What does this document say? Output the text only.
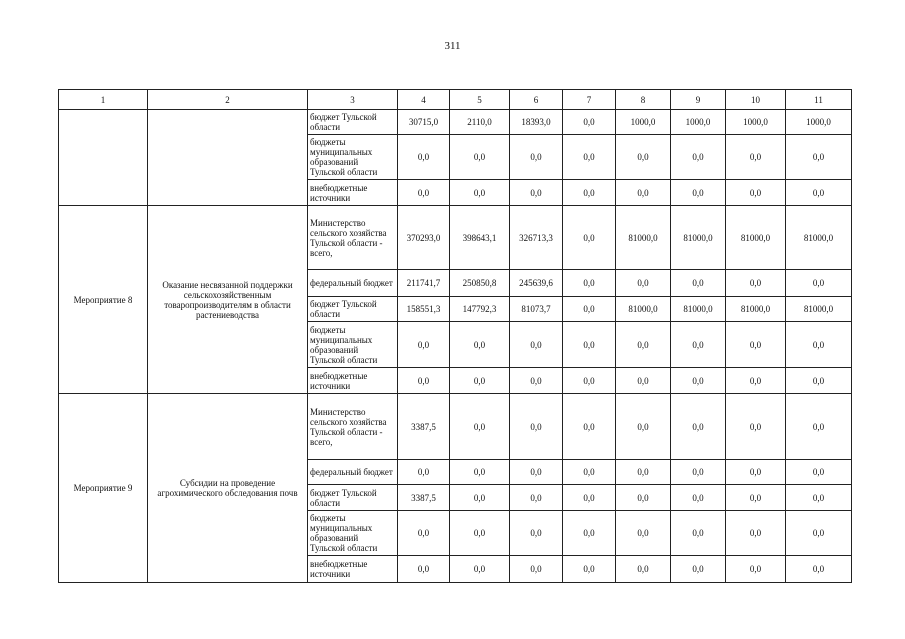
311
1	2	3	4	5	6	7	8	9	10	11
		бюджет Тульской области	30715,0	2110,0	18393,0	0,0	1000,0	1000,0	1000,0	1000,0
		бюджеты муниципальных образований Тульской области	0,0	0,0	0,0	0,0	0,0	0,0	0,0	0,0
		внебюджетные источники	0,0	0,0	0,0	0,0	0,0	0,0	0,0	0,0
Мероприятие 8	Оказание несвязанной поддержки сельскохозяйственным товаропроизводителям в области растениеводства	Министерство сельского хозяйства Тульской области - всего,	370293,0	398643,1	326713,3	0,0	81000,0	81000,0	81000,0	81000,0
		федеральный бюджет	211741,7	250850,8	245639,6	0,0	0,0	0,0	0,0	0,0
		бюджет Тульской области	158551,3	147792,3	81073,7	0,0	81000,0	81000,0	81000,0	81000,0
		бюджеты муниципальных образований Тульской области	0,0	0,0	0,0	0,0	0,0	0,0	0,0	0,0
		внебюджетные источники	0,0	0,0	0,0	0,0	0,0	0,0	0,0	0,0
Мероприятие 9	Субсидии на проведение агрохимического обследования почв	Министерство сельского хозяйства Тульской области - всего,	3387,5	0,0	0,0	0,0	0,0	0,0	0,0	0,0
		федеральный бюджет	0,0	0,0	0,0	0,0	0,0	0,0	0,0	0,0
		бюджет Тульской области	3387,5	0,0	0,0	0,0	0,0	0,0	0,0	0,0
		бюджеты муниципальных образований Тульской области	0,0	0,0	0,0	0,0	0,0	0,0	0,0	0,0
		внебюджетные источники	0,0	0,0	0,0	0,0	0,0	0,0	0,0	0,0
